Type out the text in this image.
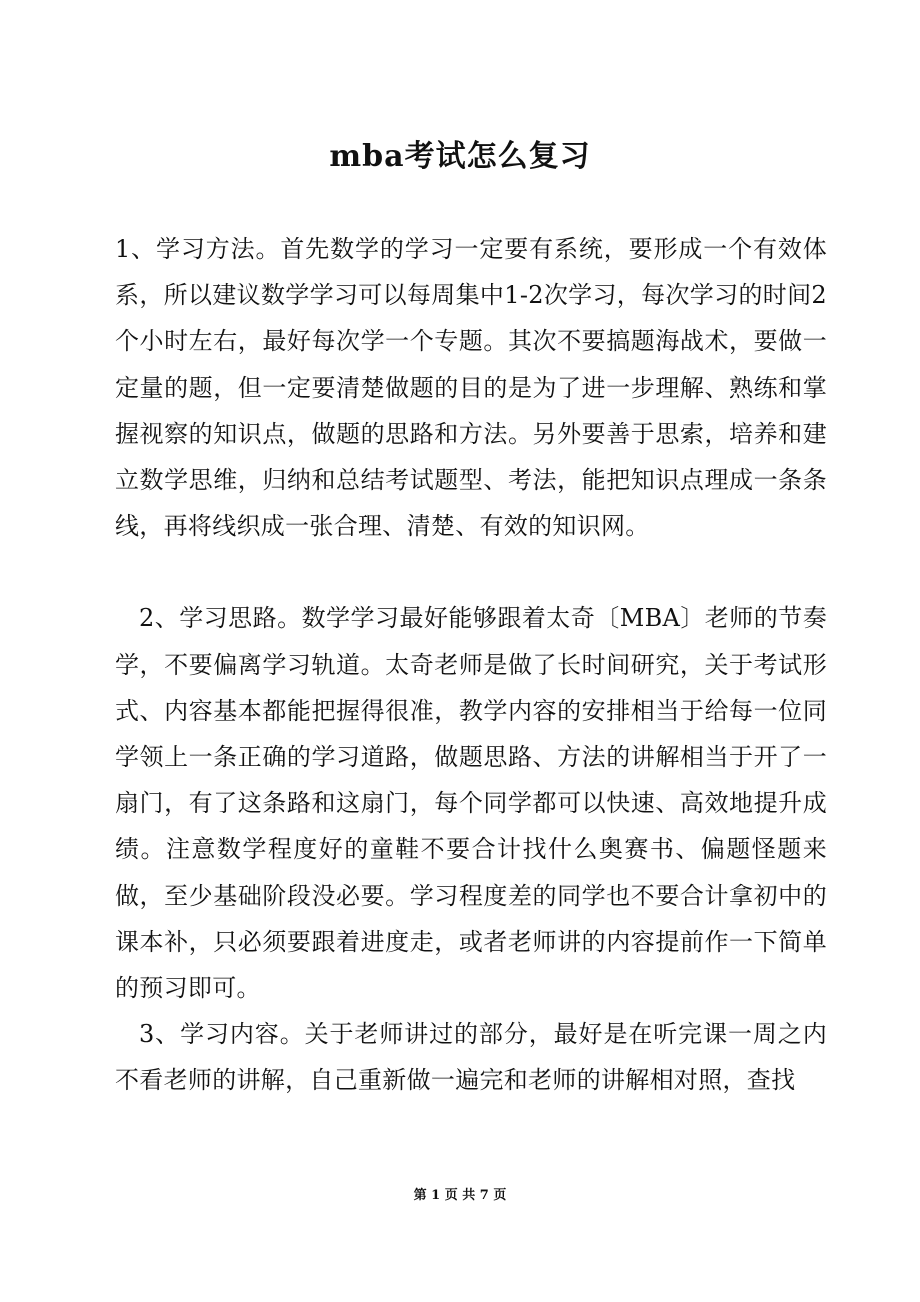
mba考试怎么复习

1、学习方法。首先数学的学习一定要有系统，要形成一个有效体系，所以建议数学学习可以每周集中1-2次学习，每次学习的时间2个小时左右，最好每次学一个专题。其次不要搞题海战术，要做一定量的题，但一定要清楚做题的目的是为了进一步理解、熟练和掌握视察的知识点，做题的思路和方法。另外要善于思索，培养和建立数学思维，归纳和总结考试题型、考法，能把知识点理成一条条线，再将线织成一张合理、清楚、有效的知识网。

2、学习思路。数学学习最好能够跟着太奇〔MBA〕老师的节奏学，不要偏离学习轨道。太奇老师是做了长时间研究，关于考试形式、内容基本都能把握得很准，教学内容的安排相当于给每一位同学领上一条正确的学习道路，做题思路、方法的讲解相当于开了一扇门，有了这条路和这扇门，每个同学都可以快速、高效地提升成绩。注意数学程度好的童鞋不要合计找什么奥赛书、偏题怪题来做，至少基础阶段没必要。学习程度差的同学也不要合计拿初中的课本补，只必须要跟着进度走，或者老师讲的内容提前作一下简单的预习即可。

3、学习内容。关于老师讲过的部分，最好是在听完课一周之内不看老师的讲解，自己重新做一遍完和老师的讲解相对照，查找

第 1 页 共 7 页
